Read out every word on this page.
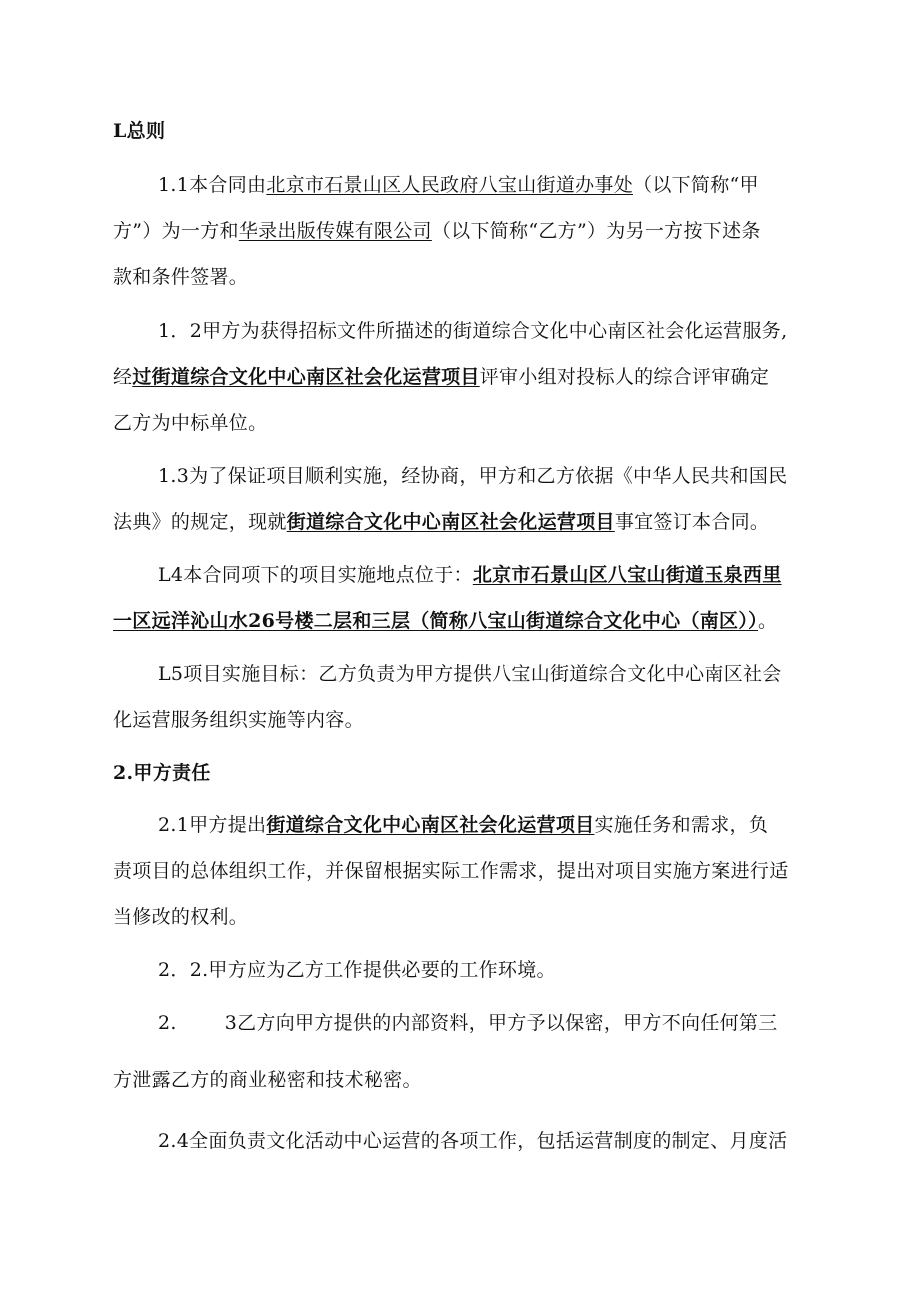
L总则
1.1本合同由北京市石景山区人民政府八宝山街道办事处（以下简称“甲
方”）为一方和华录出版传媒有限公司（以下简称“乙方”）为另一方按下述条
款和条件签署。
1．2甲方为获得招标文件所描述的街道综合文化中心南区社会化运营服务,
经过街道综合文化中心南区社会化运营项目评审小组对投标人的综合评审确定
乙方为中标单位。
1.3为了保证项目顺利实施，经协商，甲方和乙方依据《中华人民共和国民
法典》的规定，现就街道综合文化中心南区社会化运营项目事宜签订本合同。
L4本合同项下的项目实施地点位于：北京市石景山区八宝山街道玉泉西里
一区远洋沁山水26号楼二层和三层（简称八宝山街道综合文化中心（南区））。
L5项目实施目标：乙方负责为甲方提供八宝山街道综合文化中心南区社会
化运营服务组织实施等内容。
2.甲方责任
2.1甲方提出街道综合文化中心南区社会化运营项目实施任务和需求，负
责项目的总体组织工作，并保留根据实际工作需求，提出对项目实施方案进行适
当修改的权利。
2．2.甲方应为乙方工作提供必要的工作环境。
2.	3乙方向甲方提供的内部资料，甲方予以保密，甲方不向任何第三
方泄露乙方的商业秘密和技术秘密。
2.4全面负责文化活动中心运营的各项工作，包括运营制度的制定、月度活
